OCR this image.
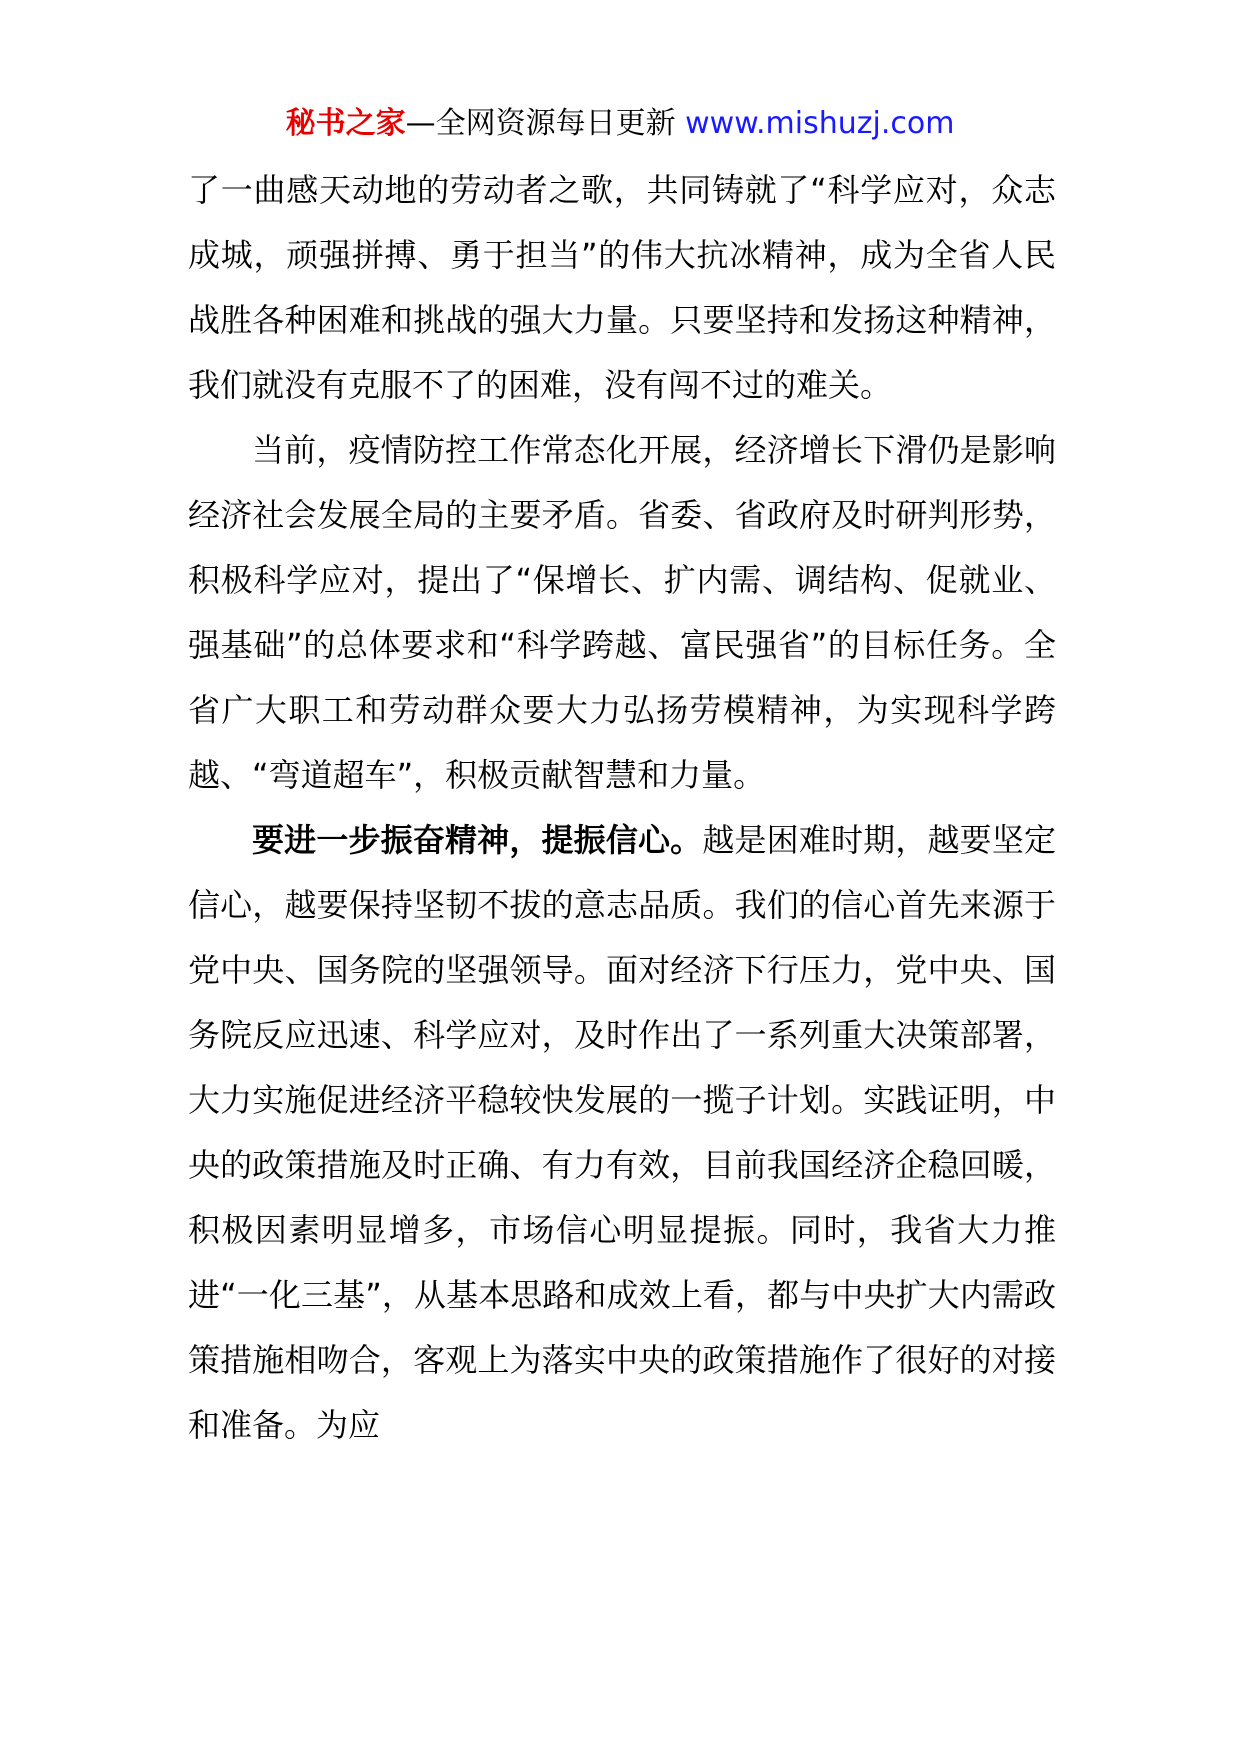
秘书之家—全网资源每日更新 www.mishuzj.com

了一曲感天动地的劳动者之歌，共同铸就了“科学应对，众志成城，顽强拼搏、勇于担当”的伟大抗冰精神，成为全省人民战胜各种困难和挑战的强大力量。只要坚持和发扬这种精神，我们就没有克服不了的困难，没有闯不过的难关。

当前，疫情防控工作常态化开展，经济增长下滑仍是影响经济社会发展全局的主要矛盾。省委、省政府及时研判形势，积极科学应对，提出了“保增长、扩内需、调结构、促就业、强基础”的总体要求和“科学跨越、富民强省”的目标任务。全省广大职工和劳动群众要大力弘扬劳模精神，为实现科学跨越、“弯道超车”，积极贡献智慧和力量。

要进一步振奋精神，提振信心。越是困难时期，越要坚定信心，越要保持坚韧不拔的意志品质。我们的信心首先来源于党中央、国务院的坚强领导。面对经济下行压力，党中央、国务院反应迅速、科学应对，及时作出了一系列重大决策部署，大力实施促进经济平稳较快发展的一揽子计划。实践证明，中央的政策措施及时正确、有力有效，目前我国经济企稳回暖，积极因素明显增多，市场信心明显提振。同时，我省大力推进“一化三基”，从基本思路和成效上看，都与中央扩大内需政策措施相吻合，客观上为落实中央的政策措施作了很好的对接和准备。为应
